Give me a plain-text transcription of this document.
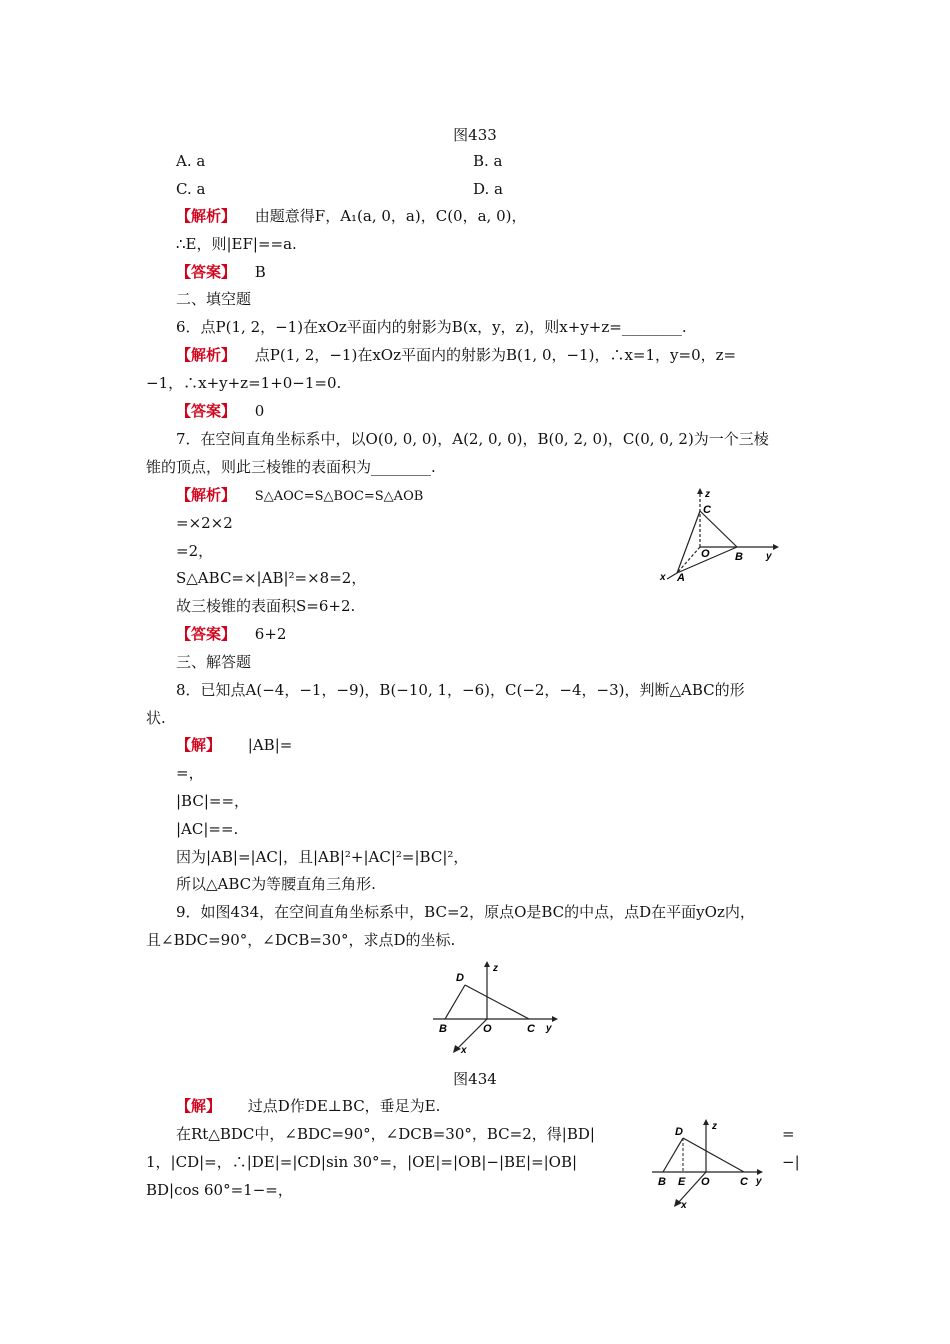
图433
A. a	B. a
C. a	D. a
【解析】 由题意得F，A₁(a, 0，a)，C(0，a, 0)，
∴E，则|EF|==a.
【答案】 B
二、填空题
6．点P(1, 2，−1)在xOz平面内的射影为B(x，y，z)，则x+y+z=________.
【解析】 点P(1, 2，−1)在xOz平面内的射影为B(1, 0，−1)，∴x=1，y=0，z=
−1，∴x+y+z=1+0−1=0.
【答案】 0
7．在空间直角坐标系中，以O(0, 0, 0)，A(2, 0, 0)，B(0, 2, 0)，C(0, 0, 2)为一个三棱
锥的顶点，则此三棱锥的表面积为________.
【解析】 S△AOC=S△BOC=S△AOB
=×2×2
=2，
S△ABC=×|AB|²=×8=2，
故三棱锥的表面积S=6+2.
【答案】 6+2
z
C
O B y
x A
三、解答题
8．已知点A(−4，−1，−9)，B(−10, 1，−6)，C(−2，−4，−3)，判断△ABC的形
状.
【解】 |AB|=
=，
|BC|==，
|AC|==.
因为|AB|=|AC|，且|AB|²+|AC|²=|BC|²，
所以△ABC为等腰直角三角形.
9．如图434，在空间直角坐标系中，BC=2，原点O是BC的中点，点D在平面yOz内，
且∠BDC=90°，∠DCB=30°，求点D的坐标.
D
z
B	O	C y
x
图434
【解】 过点D作DE⊥BC，垂足为E.
在Rt△BDC中，∠BDC=90°，∠DCB=30°，BC=2，得|BD|	=
1，|CD|=，∴|DE|=|CD|sin 30°=，|OE|=|OB|−|BE|=|OB|	−|
BD|cos 60°=1−=，
D	z
B E O	C y
x
